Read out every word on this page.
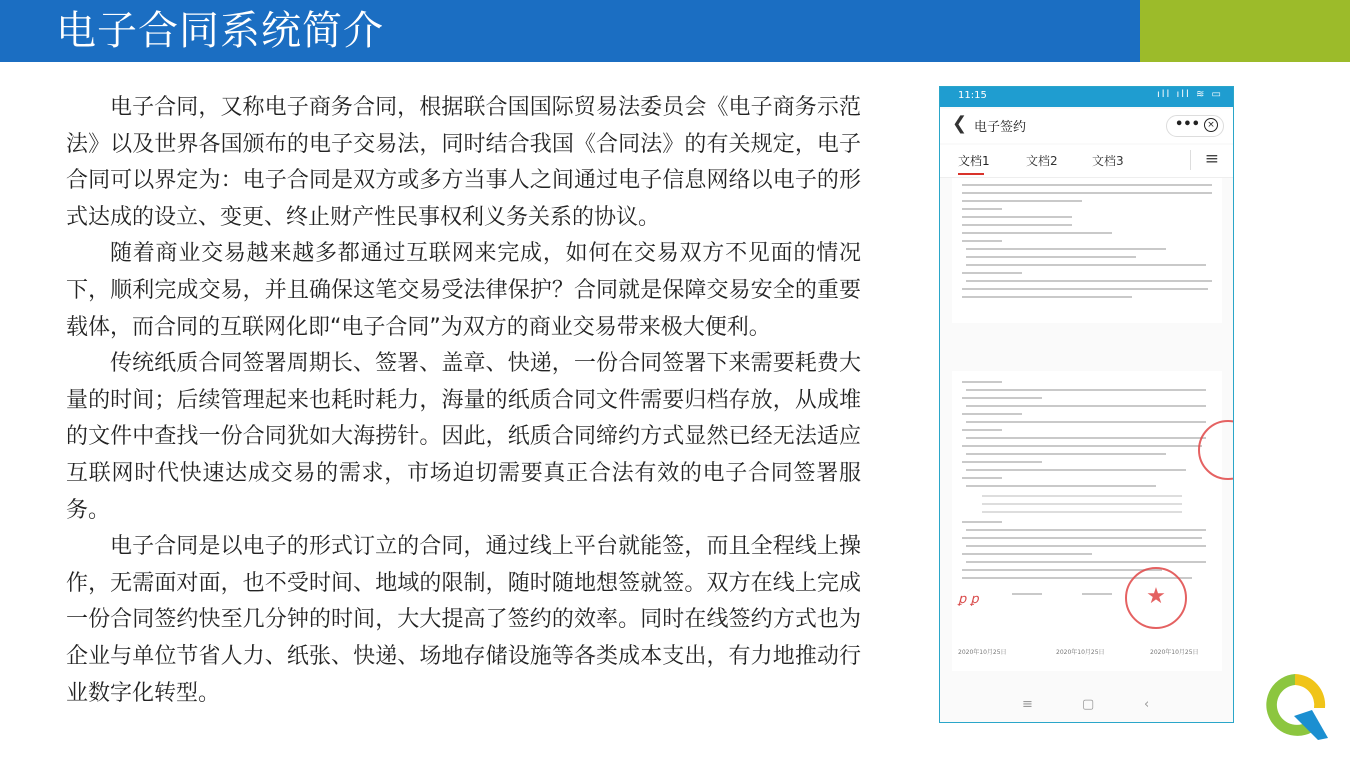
电子合同系统简介

电子合同，又称电子商务合同，根据联合国国际贸易法委员会《电子商务示范法》以及世界各国颁布的电子交易法，同时结合我国《合同法》的有关规定，电子合同可以界定为：电子合同是双方或多方当事人之间通过电子信息网络以电子的形式达成的设立、变更、终止财产性民事权利义务关系的协议。

随着商业交易越来越多都通过互联网来完成，如何在交易双方不见面的情况下，顺利完成交易，并且确保这笔交易受法律保护？合同就是保障交易安全的重要载体，而合同的互联网化即“电子合同”为双方的商业交易带来极大便利。

传统纸质合同签署周期长、签署、盖章、快递，一份合同签署下来需要耗费大量的时间；后续管理起来也耗时耗力，海量的纸质合同文件需要归档存放，从成堆的文件中查找一份合同犹如大海捞针。因此，纸质合同缔约方式显然已经无法适应互联网时代快速达成交易的需求，市场迫切需要真正合法有效的电子合同签署服务。

电子合同是以电子的形式订立的合同，通过线上平台就能签，而且全程线上操作，无需面对面，也不受时间、地域的限制，随时随地想签就签。双方在线上完成一份合同签约快至几分钟的时间，大大提高了签约的效率。同时在线签约方式也为企业与单位节省人力、纸张、快递、场地存储设施等各类成本支出，有力地推动行业数字化转型。

11:15	ıll ıll ≋ ▭
❮ 电子签约	••• ×
文档1	文档2	文档3	≡
★
ꝑ ꝑ
2020年10月25日	2020年10月25日	2020年10月25日
≡	▢	‹
